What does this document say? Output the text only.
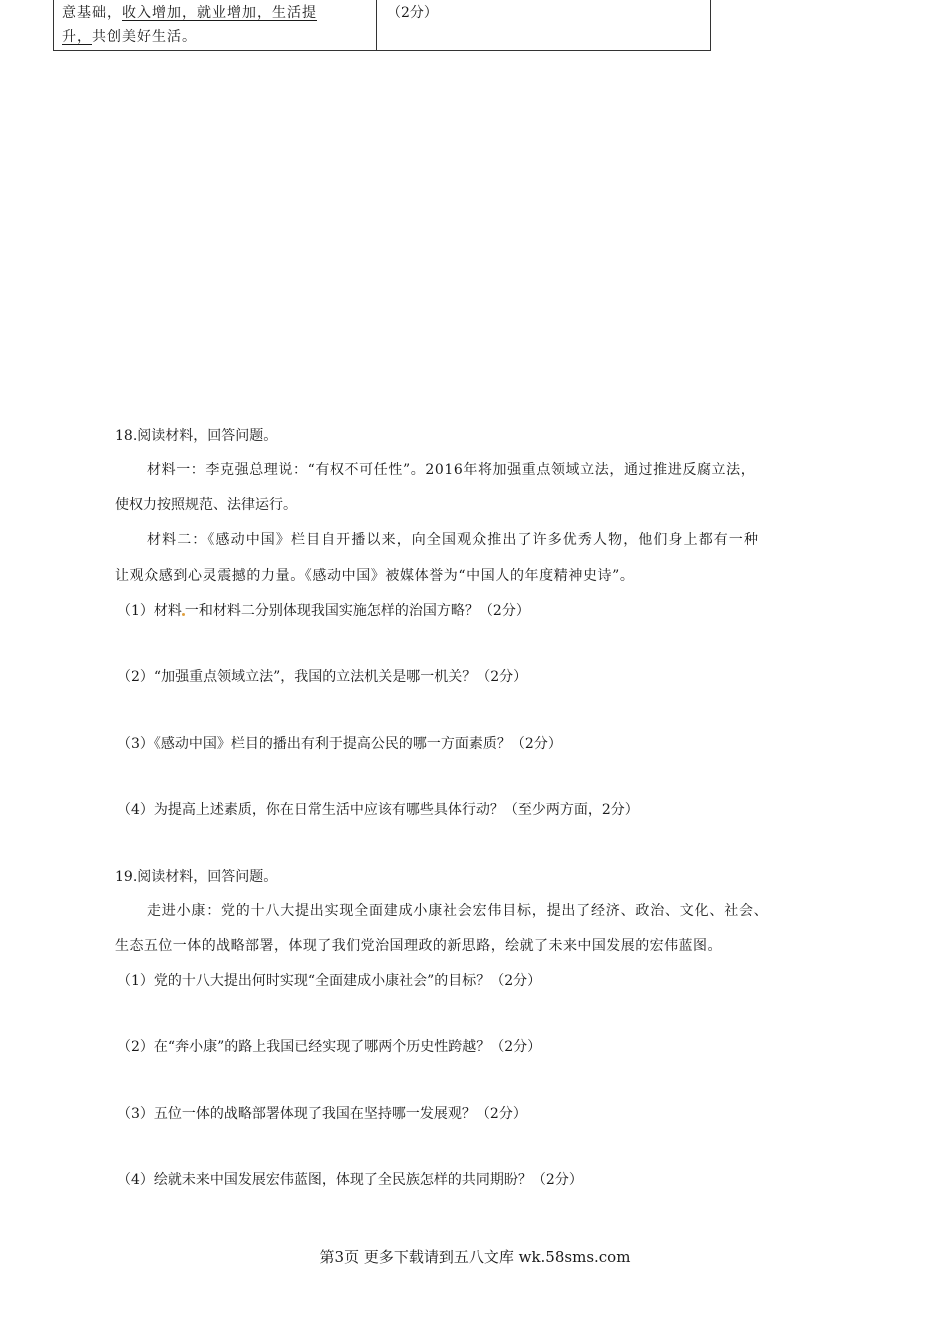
意基础，收入增加，就业增加，生活提
升，共创美好生活。
（2分）
18.阅读材料，回答问题。
材料一：李克强总理说：“有权不可任性”。2016年将加强重点领域立法，通过推进反腐立法，
使权力按照规范、法律运行。
材料二：《感动中国》栏目自开播以来，向全国观众推出了许多优秀人物，他们身上都有一种
让观众感到心灵震撼的力量。《感动中国》被媒体誉为“中国人的年度精神史诗”。
（1）材料 一和材料二分别体现我国实施怎样的治国方略？（2分）
（2）“加强重点领域立法”，我国的立法机关是哪一机关？（2分）
（3）《感动中国》栏目的播出有利于提高公民的哪一方面素质？（2分）
（4）为提高上述素质，你在日常生活中应该有哪些具体行动？（至少两方面，2分）
19.阅读材料，回答问题。
走进小康：党的十八大提出实现全面建成小康社会宏伟目标，提出了经济、政治、文化、社会、
生态五位一体的战略部署，体现了我们党治国理政的新思路，绘就了未来中国发展的宏伟蓝图。
（1）党的十八大提出何时实现“全面建成小康社会”的目标？（2分）
（2）在“奔小康”的路上我国已经实现了哪两个历史性跨越？（2分）
（3）五位一体的战略部署体现了我国在坚持哪一发展观？（2分）
（4）绘就未来中国发展宏伟蓝图，体现了全民族怎样的共同期盼？（2分）
第3页 更多下载请到五八文库 wk.58sms.com
